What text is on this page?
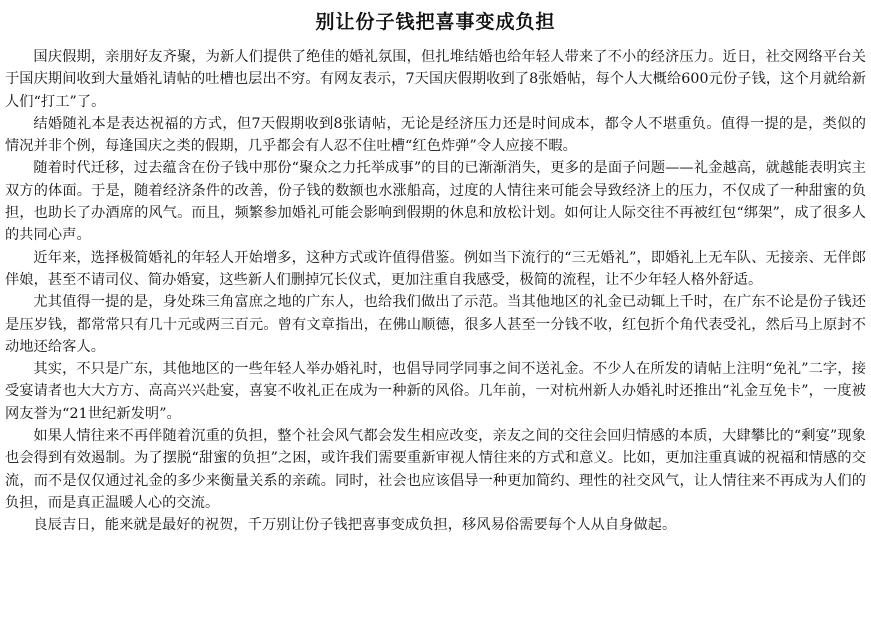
别让份子钱把喜事变成负担

国庆假期，亲朋好友齐聚，为新人们提供了绝佳的婚礼氛围，但扎堆结婚也给年轻人带来了不小的经济压力。近日，社交网络平台关于国庆期间收到大量婚礼请帖的吐槽也层出不穷。有网友表示，7天国庆假期收到了8张婚帖，每个人大概给600元份子钱，这个月就给新人们“打工”了。

结婚随礼本是表达祝福的方式，但7天假期收到8张请帖，无论是经济压力还是时间成本，都令人不堪重负。值得一提的是，类似的情况并非个例，每逢国庆之类的假期，几乎都会有人忍不住吐槽“红色炸弹”令人应接不暇。

随着时代迁移，过去蕴含在份子钱中那份“聚众之力托举成事”的目的已渐渐消失，更多的是面子问题——礼金越高，就越能表明宾主双方的体面。于是，随着经济条件的改善，份子钱的数额也水涨船高，过度的人情往来可能会导致经济上的压力，不仅成了一种甜蜜的负担，也助长了办酒席的风气。而且，频繁参加婚礼可能会影响到假期的休息和放松计划。如何让人际交往不再被红包“绑架”，成了很多人的共同心声。

近年来，选择极简婚礼的年轻人开始增多，这种方式或许值得借鉴。例如当下流行的“三无婚礼”，即婚礼上无车队、无接亲、无伴郎伴娘，甚至不请司仪、简办婚宴，这些新人们删掉冗长仪式，更加注重自我感受，极简的流程，让不少年轻人格外舒适。

尤其值得一提的是，身处珠三角富庶之地的广东人，也给我们做出了示范。当其他地区的礼金已动辄上千时，在广东不论是份子钱还是压岁钱，都常常只有几十元或两三百元。曾有文章指出，在佛山顺德，很多人甚至一分钱不收，红包折个角代表受礼，然后马上原封不动地还给客人。

其实，不只是广东，其他地区的一些年轻人举办婚礼时，也倡导同学同事之间不送礼金。不少人在所发的请帖上注明“免礼”二字，接受宴请者也大大方方、高高兴兴赴宴，喜宴不收礼正在成为一种新的风俗。几年前，一对杭州新人办婚礼时还推出“礼金互免卡”，一度被网友誉为“21世纪新发明”。

如果人情往来不再伴随着沉重的负担，整个社会风气都会发生相应改变，亲友之间的交往会回归情感的本质，大肆攀比的“剩宴”现象也会得到有效遏制。为了摆脱“甜蜜的负担”之困，或许我们需要重新审视人情往来的方式和意义。比如，更加注重真诚的祝福和情感的交流，而不是仅仅通过礼金的多少来衡量关系的亲疏。同时，社会也应该倡导一种更加简约、理性的社交风气，让人情往来不再成为人们的负担，而是真正温暖人心的交流。

良辰吉日，能来就是最好的祝贺，千万别让份子钱把喜事变成负担，移风易俗需要每个人从自身做起。
